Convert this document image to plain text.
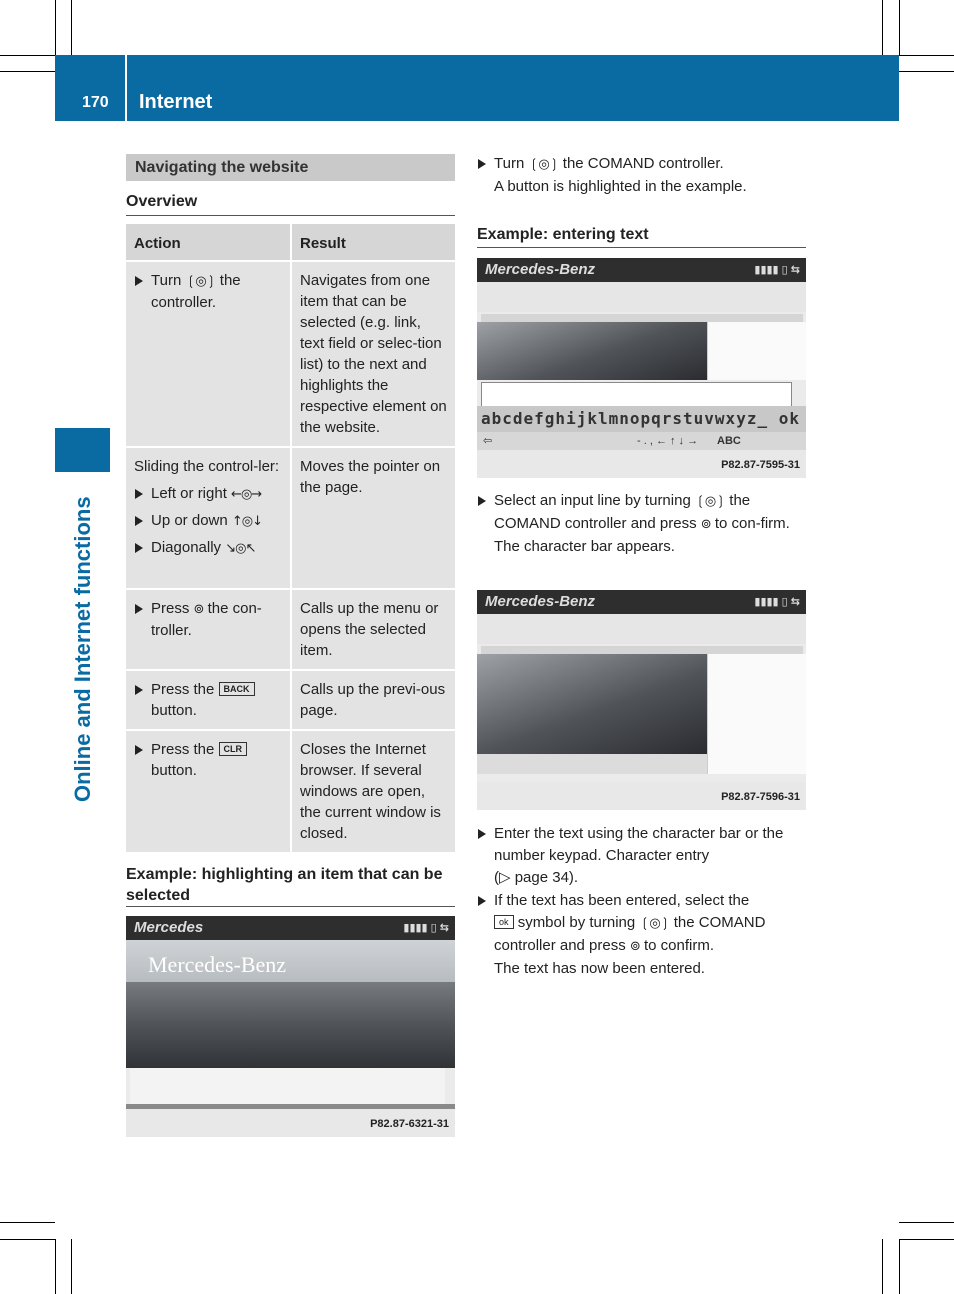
170 Internet
Online and Internet functions
Navigating the website
Overview
Action	Result

Turn ❲◎❳ the controller.	Navigates from one item that can be selected (e.g. link, text field or selec-tion list) to the next and highlights the respective element on the website.

Sliding the control-ler:
Left or right ←◎→
Up or down ↑◎↓
Diagonally ↘◎↖	Moves the pointer on the page.

Press ⊚ the con-troller.	Calls up the menu or opens the selected item.

Press the BACK button.	Calls up the previ-ous page.

Press the CLR button.	Closes the Internet browser. If several windows are open, the current window is closed.
Example: highlighting an item that can be selected
Mercedes	▮▮▮▮ ▯ ⇆
Mercedes-Benz
P82.87-6321-31
Turn ❲◎❳ the COMAND controller.

A button is highlighted in the example.

Example: entering text
Mercedes-Benz	▮▮▮▮ ▯ ⇆
abcdefghijklmnopqrstuvwxyz_ ok
⇦	- . , ← ↑ ↓ → ABC
P82.87-7595-31
Select an input line by turning ❲◎❳ the COMAND controller and press ⊚ to con-firm.

The character bar appears.

Mercedes-Benz	▮▮▮▮ ▯ ⇆
P82.87-7596-31
Enter the text using the character bar or the number keypad. Character entry
(▷ page 34).
If the text has been entered, select the
ok symbol by turning ❲◎❳ the COMAND controller and press ⊚ to confirm.

The text has now been entered.
